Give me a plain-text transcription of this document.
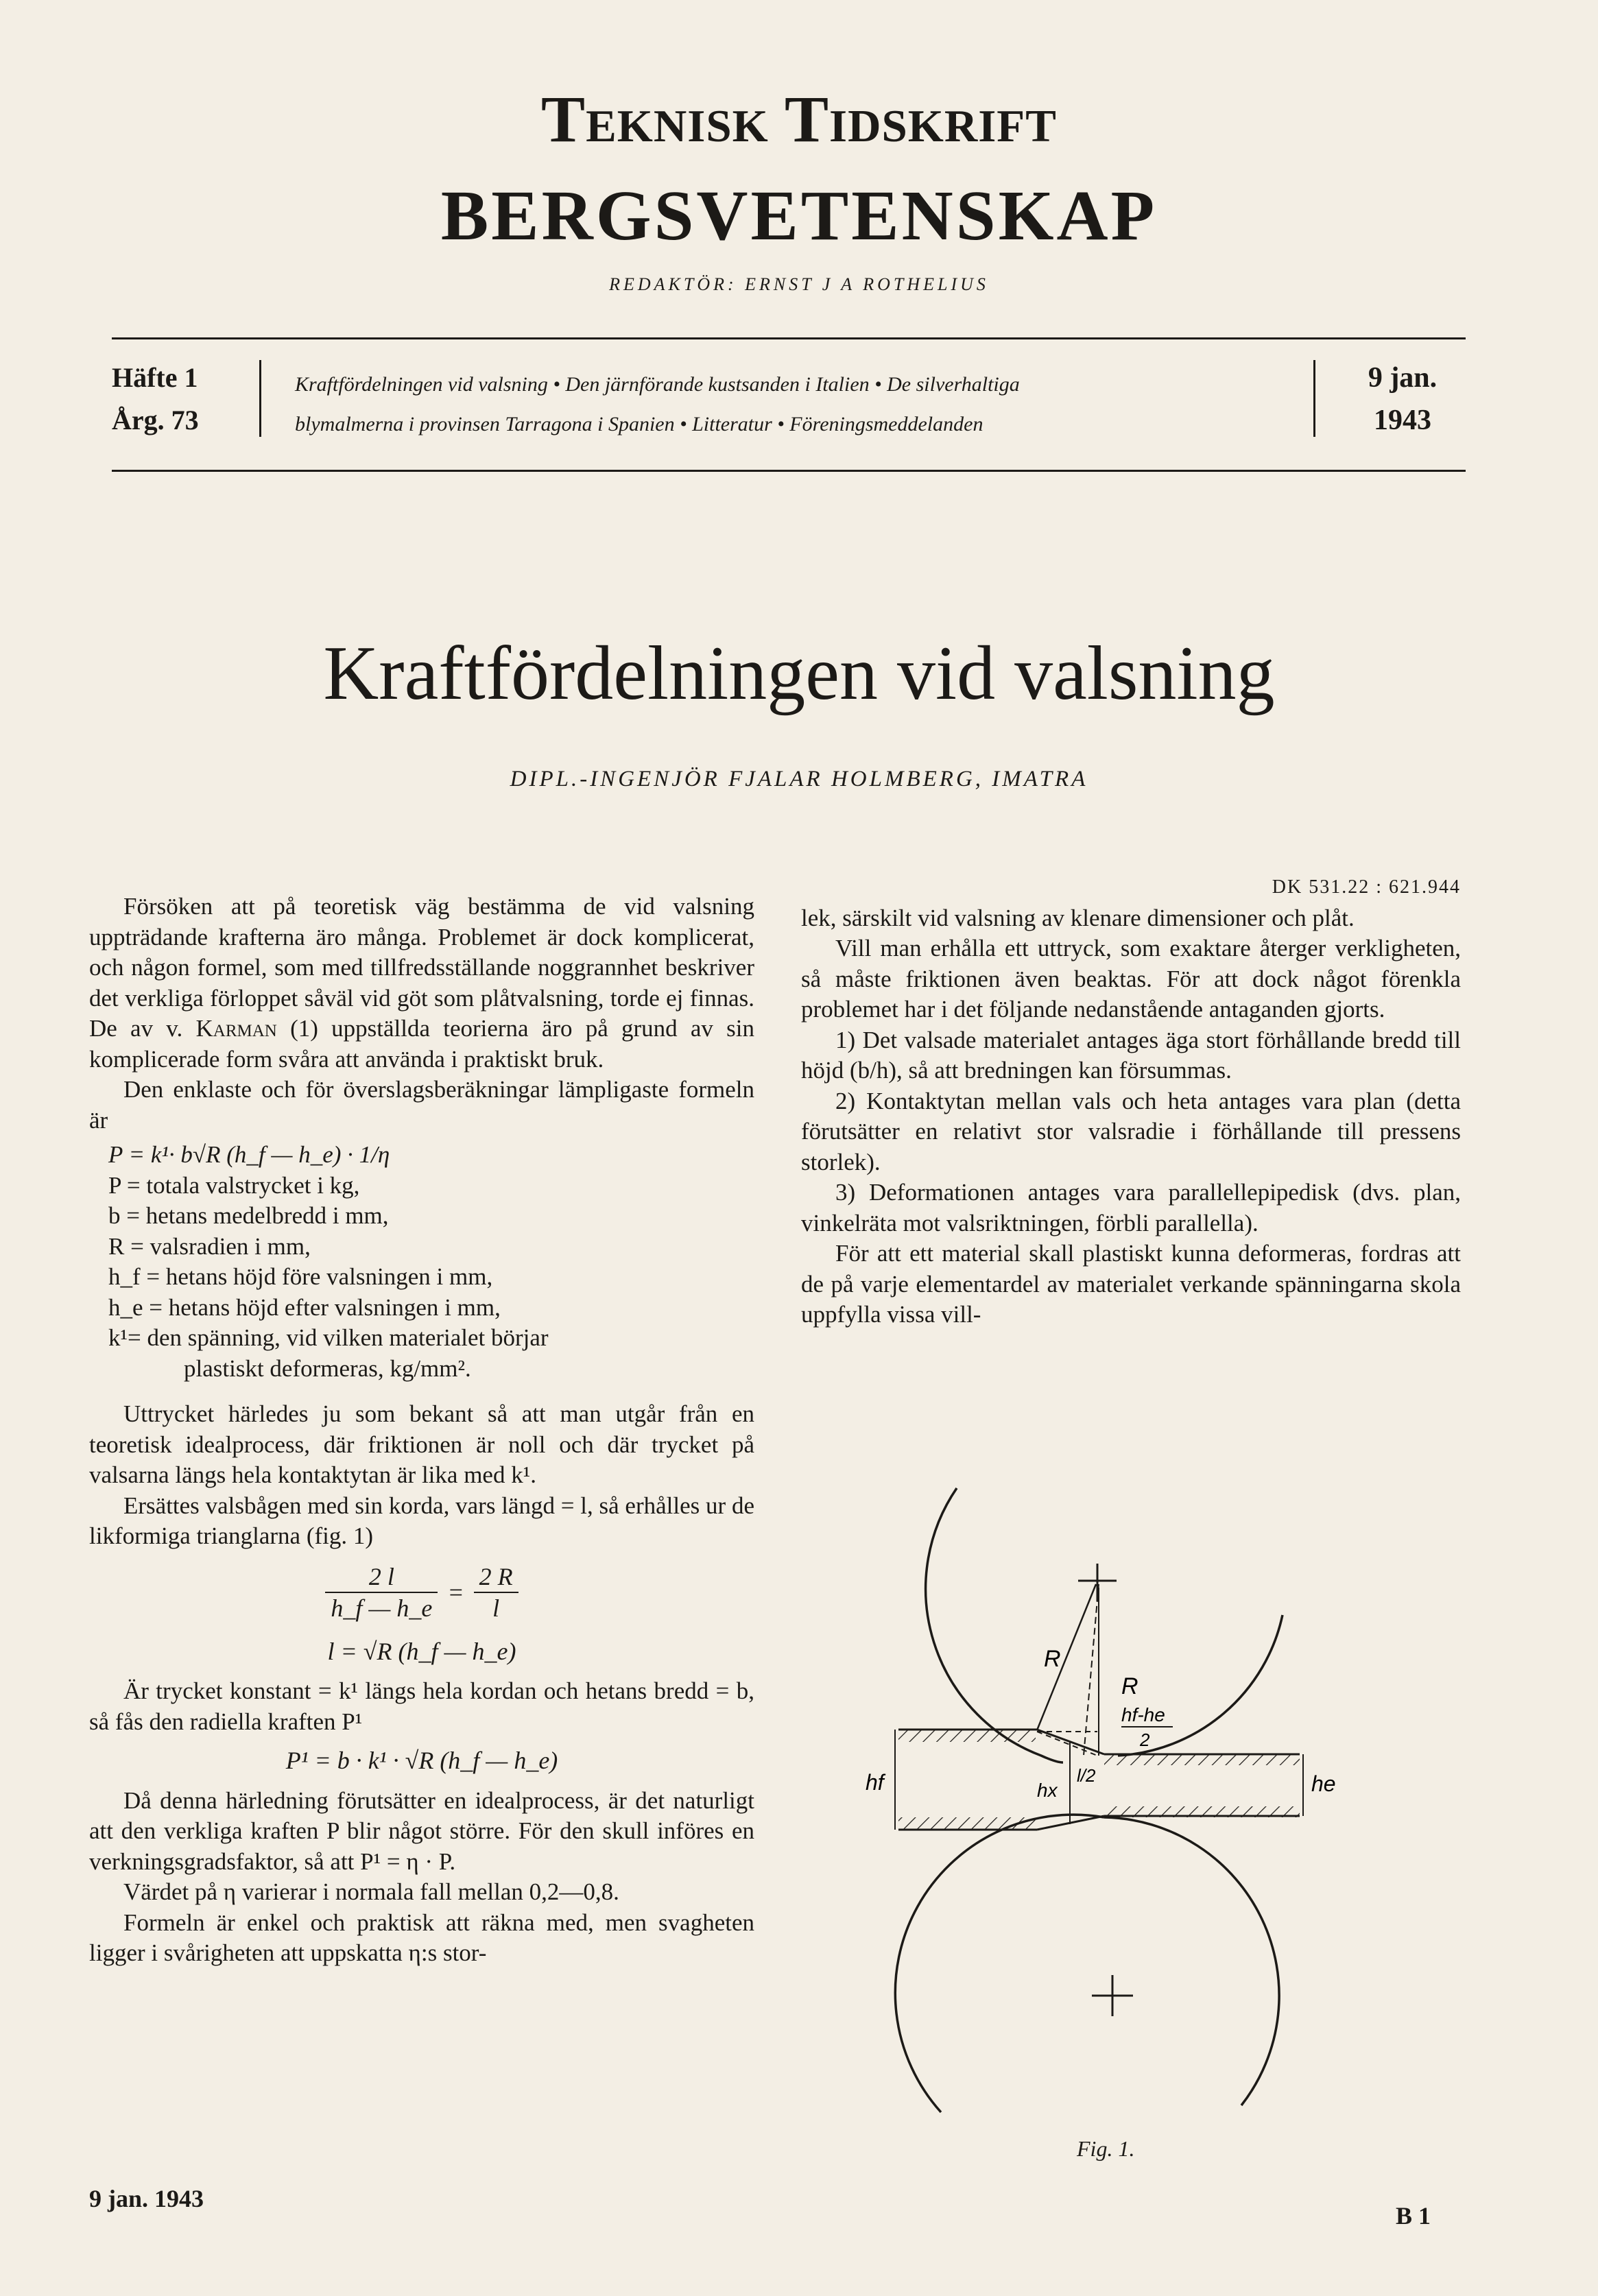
Teknisk Tidskrift
BERGSVETENSKAP
REDAKTÖR: ERNST J A ROTHELIUS
Häfte 1
Årg. 73
Kraftfördelningen vid valsning • Den järnförande kustsanden i Italien • De silverhaltiga
blymalmerna i provinsen Tarragona i Spanien • Litteratur • Föreningsmeddelanden
9 jan.
1943
Kraftfördelningen vid valsning
DIPL.-INGENJÖR FJALAR HOLMBERG, IMATRA

Försöken att på teoretisk väg bestämma de vid valsning uppträdande krafterna äro många. Problemet är dock komplicerat, och någon formel, som med tillfredsställande noggrannhet beskriver det verkliga förloppet såväl vid göt som plåtvalsning, torde ej finnas. De av v. Karman (1) uppställda teorierna äro på grund av sin komplicerade form svåra att använda i praktiskt bruk.

Den enklaste och för överslagsberäkningar lämpligaste formeln är

P = k¹· b√R (h_f — h_e) · 1/η
P = totala valstrycket i kg,
b = hetans medelbredd i mm,
R = valsradien i mm,
h_f = hetans höjd före valsningen i mm,
h_e = hetans höjd efter valsningen i mm,
k¹= den spänning, vid vilken materialet börjar
plastiskt deformeras, kg/mm².

Uttrycket härledes ju som bekant så att man utgår från en teoretisk idealprocess, där friktionen är noll och där trycket på valsarna längs hela kontaktytan är lika med k¹.

Ersättes valsbågen med sin korda, vars längd = l, så erhålles ur de likformiga trianglarna (fig. 1)

$\frac{2 l}{h\_f — h\_e} = \frac{2 R}{l}$
l = √R (h_f — h_e)

Är trycket konstant = k¹ längs hela kordan och hetans bredd = b, så fås den radiella kraften P¹

P¹ = b · k¹ · √R (h_f — h_e)

Då denna härledning förutsätter en idealprocess, är det naturligt att den verkliga kraften P blir något större. För den skull införes en verkningsgradsfaktor, så att P¹ = η · P.

Värdet på η varierar i normala fall mellan 0,2—0,8.

Formeln är enkel och praktisk att räkna med, men svagheten ligger i svårigheten att uppskatta η:s stor-

DK 531.22 : 621.944

lek, särskilt vid valsning av klenare dimensioner och plåt.

Vill man erhålla ett uttryck, som exaktare återger verkligheten, så måste friktionen även beaktas. För att dock något förenkla problemet har i det följande nedanstående antaganden gjorts.

1) Det valsade materialet antages äga stort förhållande bredd till höjd (b/h), så att bredningen kan försummas.

2) Kontaktytan mellan vals och heta antages vara plan (detta förutsätter en relativt stor valsradie i förhållande till pressens storlek).

3) Deformationen antages vara parallellepipedisk (dvs. plan, vinkelräta mot valsriktningen, förbli parallella).

För att ett material skall plastiskt kunna deformeras, fordras att de på varje elementardel av materialet verkande spänningarna skola uppfylla vissa vill-

R
R
hf-he
2
hf	hx
l/2	he
Fig. 1.
9 jan. 1943
B 1
